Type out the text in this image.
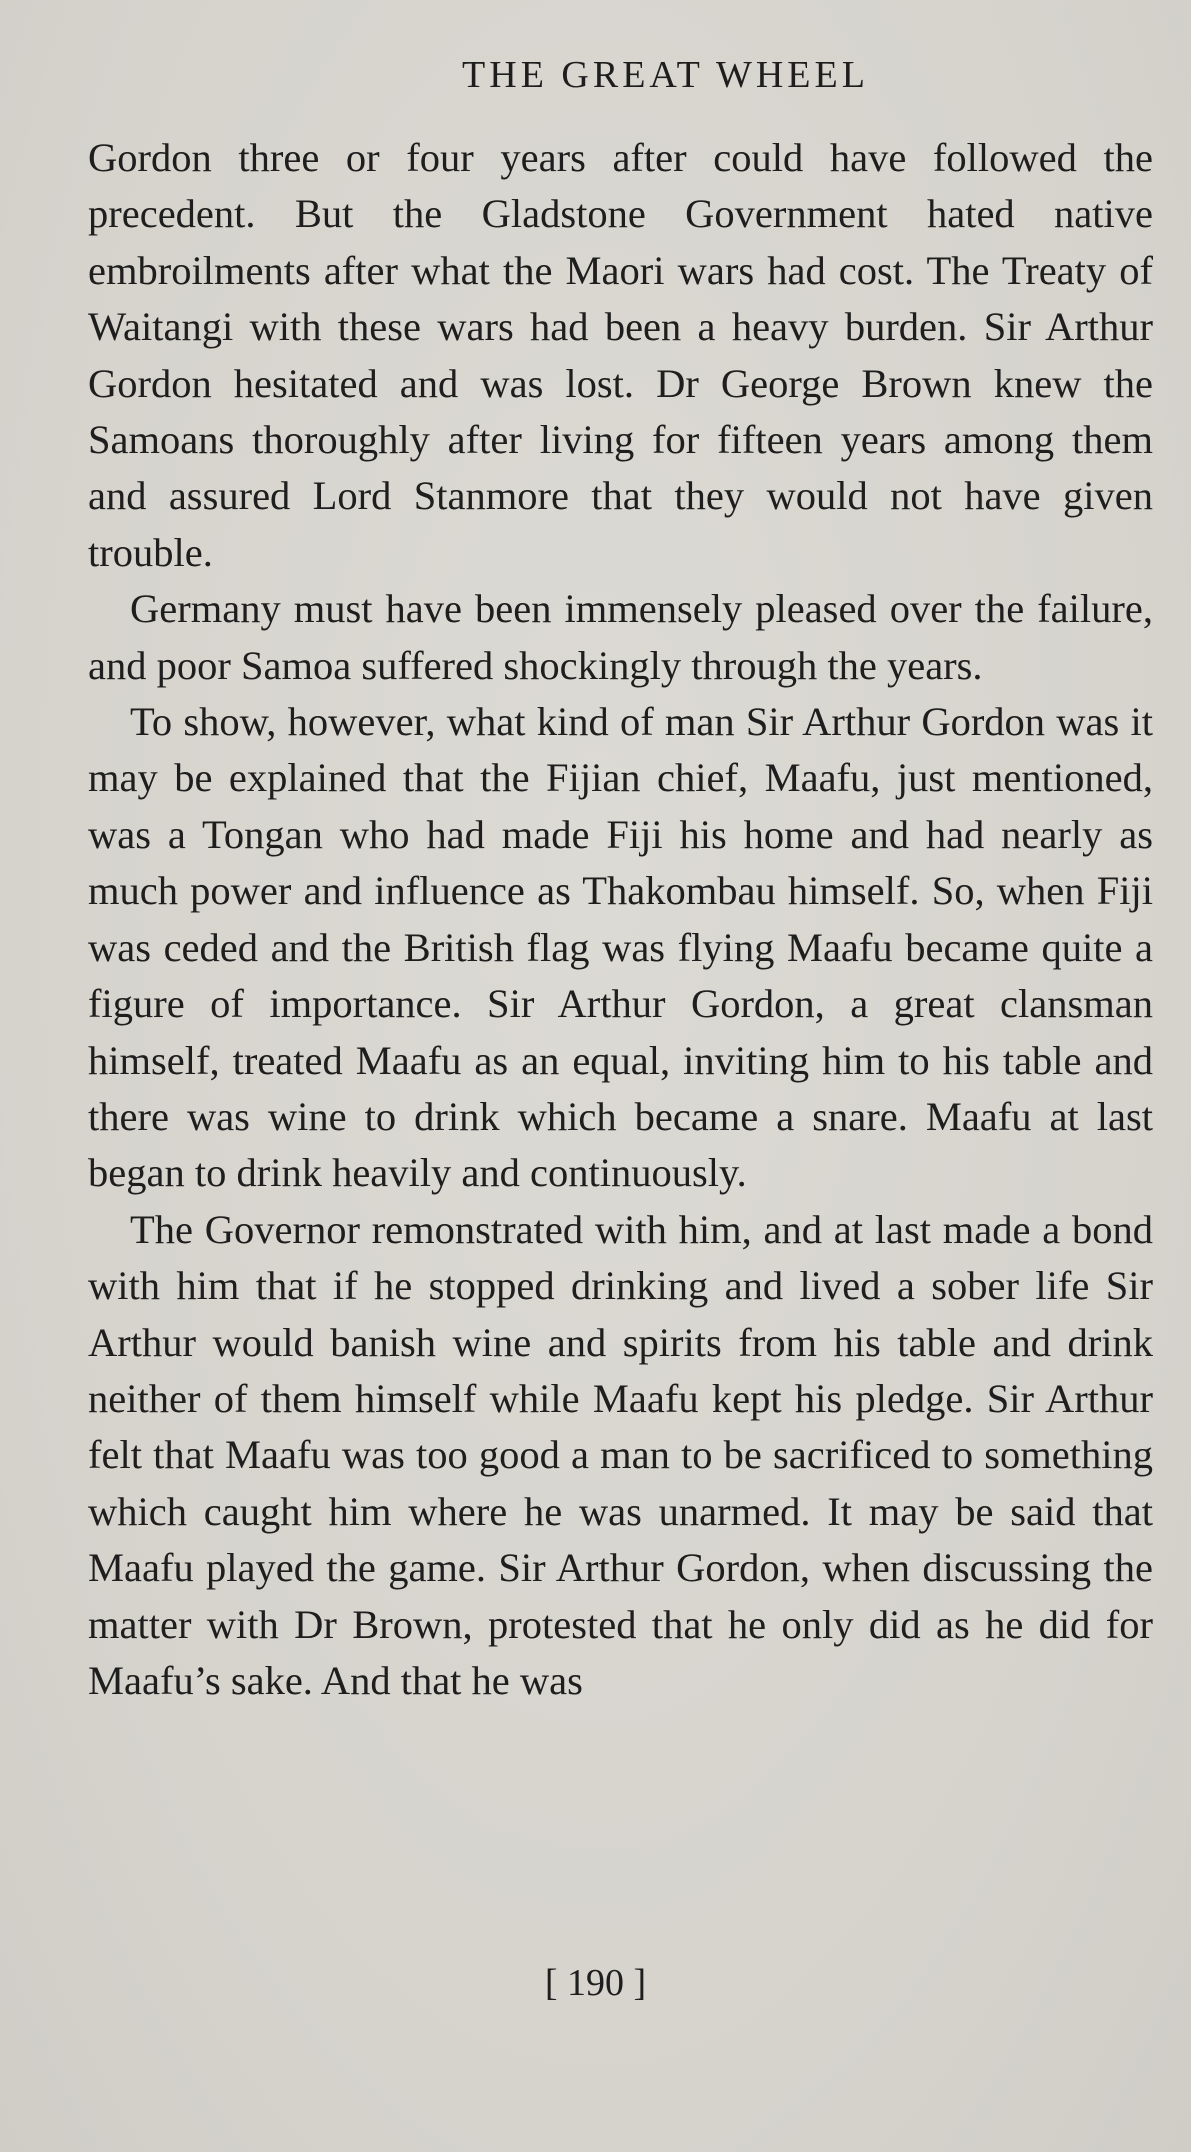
THE GREAT WHEEL

Gordon three or four years after could have followed the precedent. But the Gladstone Government hated native embroilments after what the Maori wars had cost. The Treaty of Waitangi with these wars had been a heavy burden. Sir Arthur Gordon hesitated and was lost. Dr George Brown knew the Samoans thoroughly after living for fifteen years among them and assured Lord Stanmore that they would not have given trouble.

Germany must have been immensely pleased over the failure, and poor Samoa suffered shockingly through the years.

To show, however, what kind of man Sir Arthur Gordon was it may be explained that the Fijian chief, Maafu, just mentioned, was a Tongan who had made Fiji his home and had nearly as much power and influence as Thakombau himself. So, when Fiji was ceded and the British flag was flying Maafu became quite a figure of importance. Sir Arthur Gordon, a great clansman himself, treated Maafu as an equal, inviting him to his table and there was wine to drink which became a snare. Maafu at last began to drink heavily and continuously.

The Governor remonstrated with him, and at last made a bond with him that if he stopped drinking and lived a sober life Sir Arthur would banish wine and spirits from his table and drink neither of them himself while Maafu kept his pledge. Sir Arthur felt that Maafu was too good a man to be sacrificed to something which caught him where he was unarmed. It may be said that Maafu played the game. Sir Arthur Gordon, when discussing the matter with Dr Brown, protested that he only did as he did for Maafu’s sake. And that he was

[ 190 ]
